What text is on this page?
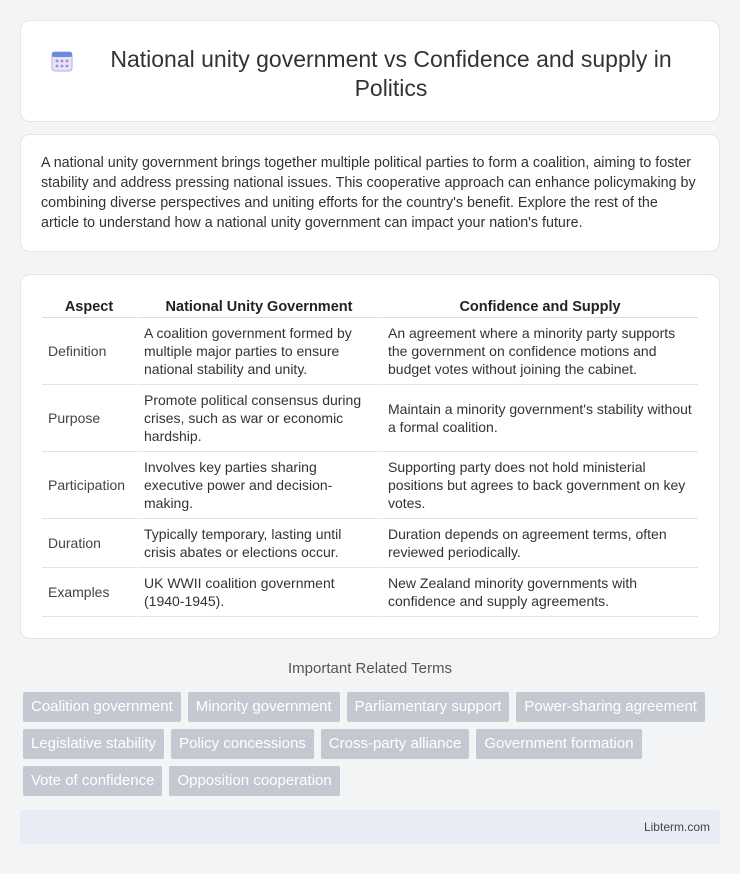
National unity government vs Confidence and supply in Politics

A national unity government brings together multiple political parties to form a coalition, aiming to foster stability and address pressing national issues. This cooperative approach can enhance policymaking by combining diverse perspectives and uniting efforts for the country's benefit. Explore the rest of the article to understand how a national unity government can impact your nation's future.

Aspect	National Unity Government	Confidence and Supply
Definition	A coalition government formed by multiple major parties to ensure national stability and unity.	An agreement where a minority party supports the government on confidence motions and budget votes without joining the cabinet.
Purpose	Promote political consensus during crises, such as war or economic hardship.	Maintain a minority government's stability without a formal coalition.
Participation	Involves key parties sharing executive power and decision-making.	Supporting party does not hold ministerial positions but agrees to back government on key votes.
Duration	Typically temporary, lasting until crisis abates or elections occur.	Duration depends on agreement terms, often reviewed periodically.
Examples	UK WWII coalition government (1940-1945).	New Zealand minority governments with confidence and supply agreements.
Important Related Terms
Coalition government	Minority government	Parliamentary support	Power-sharing agreement
Legislative stability	Policy concessions	Cross-party alliance	Government formation
Vote of confidence	Opposition cooperation
Libterm.com
